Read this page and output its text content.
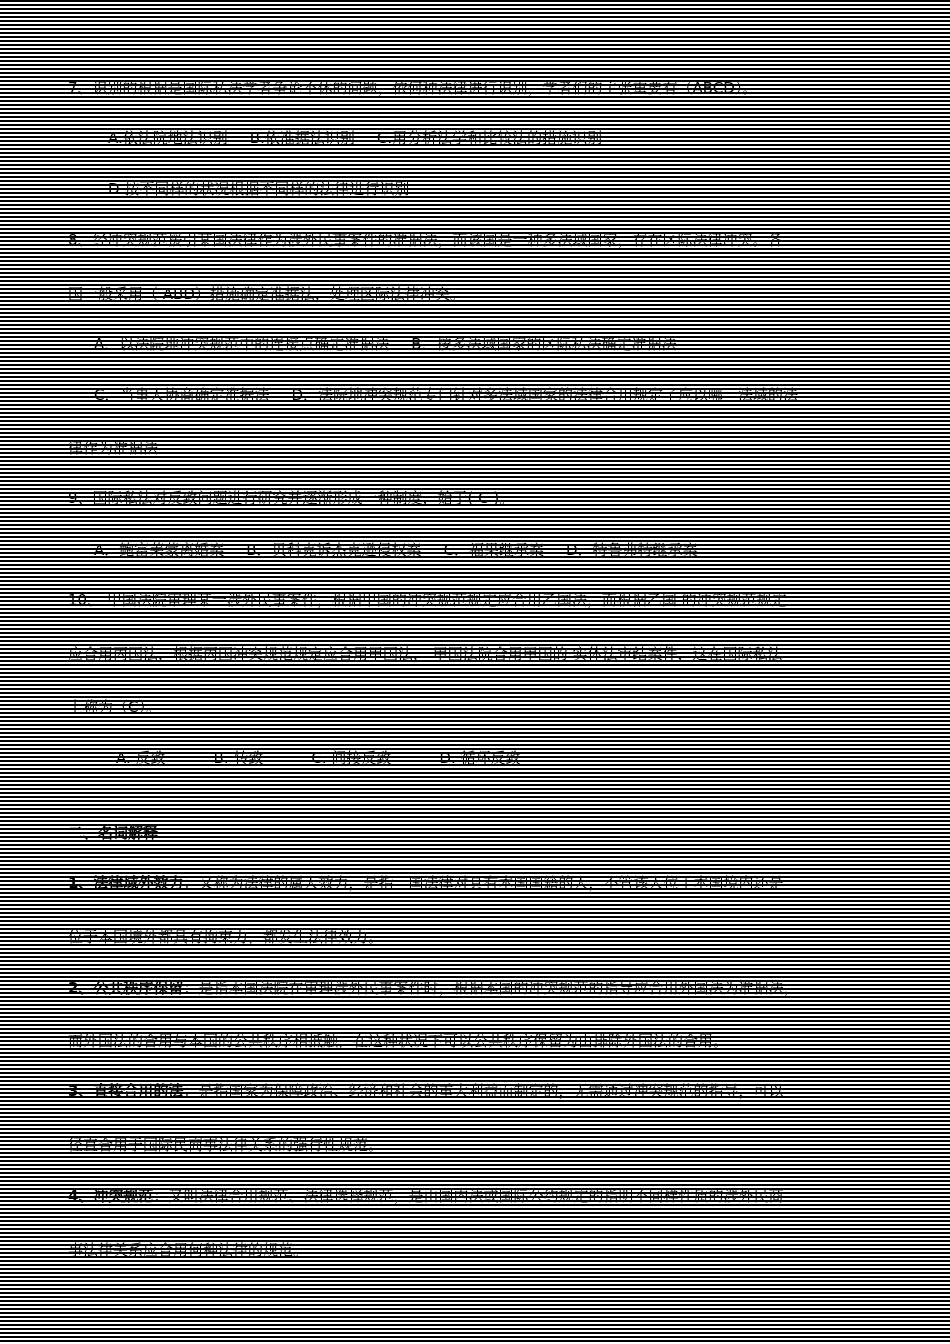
7、识别的根据是国际私法学者争论不休的问题，依何种法律进行识别，学者们的主张重要有（ABCD）。
A.依法院地法识别 B.依准据法识别 C.用分析法学和比较法的措施识别
D.按不同样的状况根据不同样的法律进行识别
8、经冲突规范援引某国法律作为涉外民事案件的准据法，而该国是一种多法域国家，存在区际法律冲突。各
国一般采用（ ABD）措施确定准据法，处理区际法律冲突。
A．以法院地冲突规范中的连接点确定准据法 B．按多法域国家的区际私法确定准据法
C．当事人协商确定准据法 D．法院地冲突规范专门针对多法域国家的法律合用规定了应以哪一法域的法
律作为准据法
9、国际私法对反致问题进行研究并逐渐形成一种制度，始于( C )。
A．鲍富莱蒙离婚案 B．贝科克诉杰克逊侵权案 C．福果继承案 D．特鲁弗特继承案
10、 甲国法院审理某一涉外民事案件，根据甲国的冲突规范规定应合用乙国法，而根据乙国 的冲突规范规定
应合用丙国法，根据丙国冲突规范规定应合用甲国法， 甲国法院合用甲国的 实体法审结案件，这在国际私法
上称为（C）。
A. 反致	B. 转致	C. 间接反致	D. 循环反致
二、名词解释
1、法律域外效力：又称为法律的属人效力，是指一国法律对具有本国国籍的人，不管该人位于本国境内还是
位于本国境外都具有拘束力，都发生法律效力。
2、公共秩序保留：是指本国法院在审理涉外民事案件时，根据本国的冲突规范的指导应合用外国法为准据法，
而外国法的合用与本国的公共秩序相抵触，在这种状况下可以公共秩序保留为由排除外国法的合用。
3、直接合用的法：是指国家为保障政治、经济和社会的重大利益而制定的，无需通过冲突规范的指导，可以
径直合用于国际民商事法律关系的强行性规范。
4、冲突规范：又叫法律合用规范、法律选择规范，是由国内法或国际公约规定的指明不同样性质的涉外民商
事法律关系应合用何种法律的规范。
